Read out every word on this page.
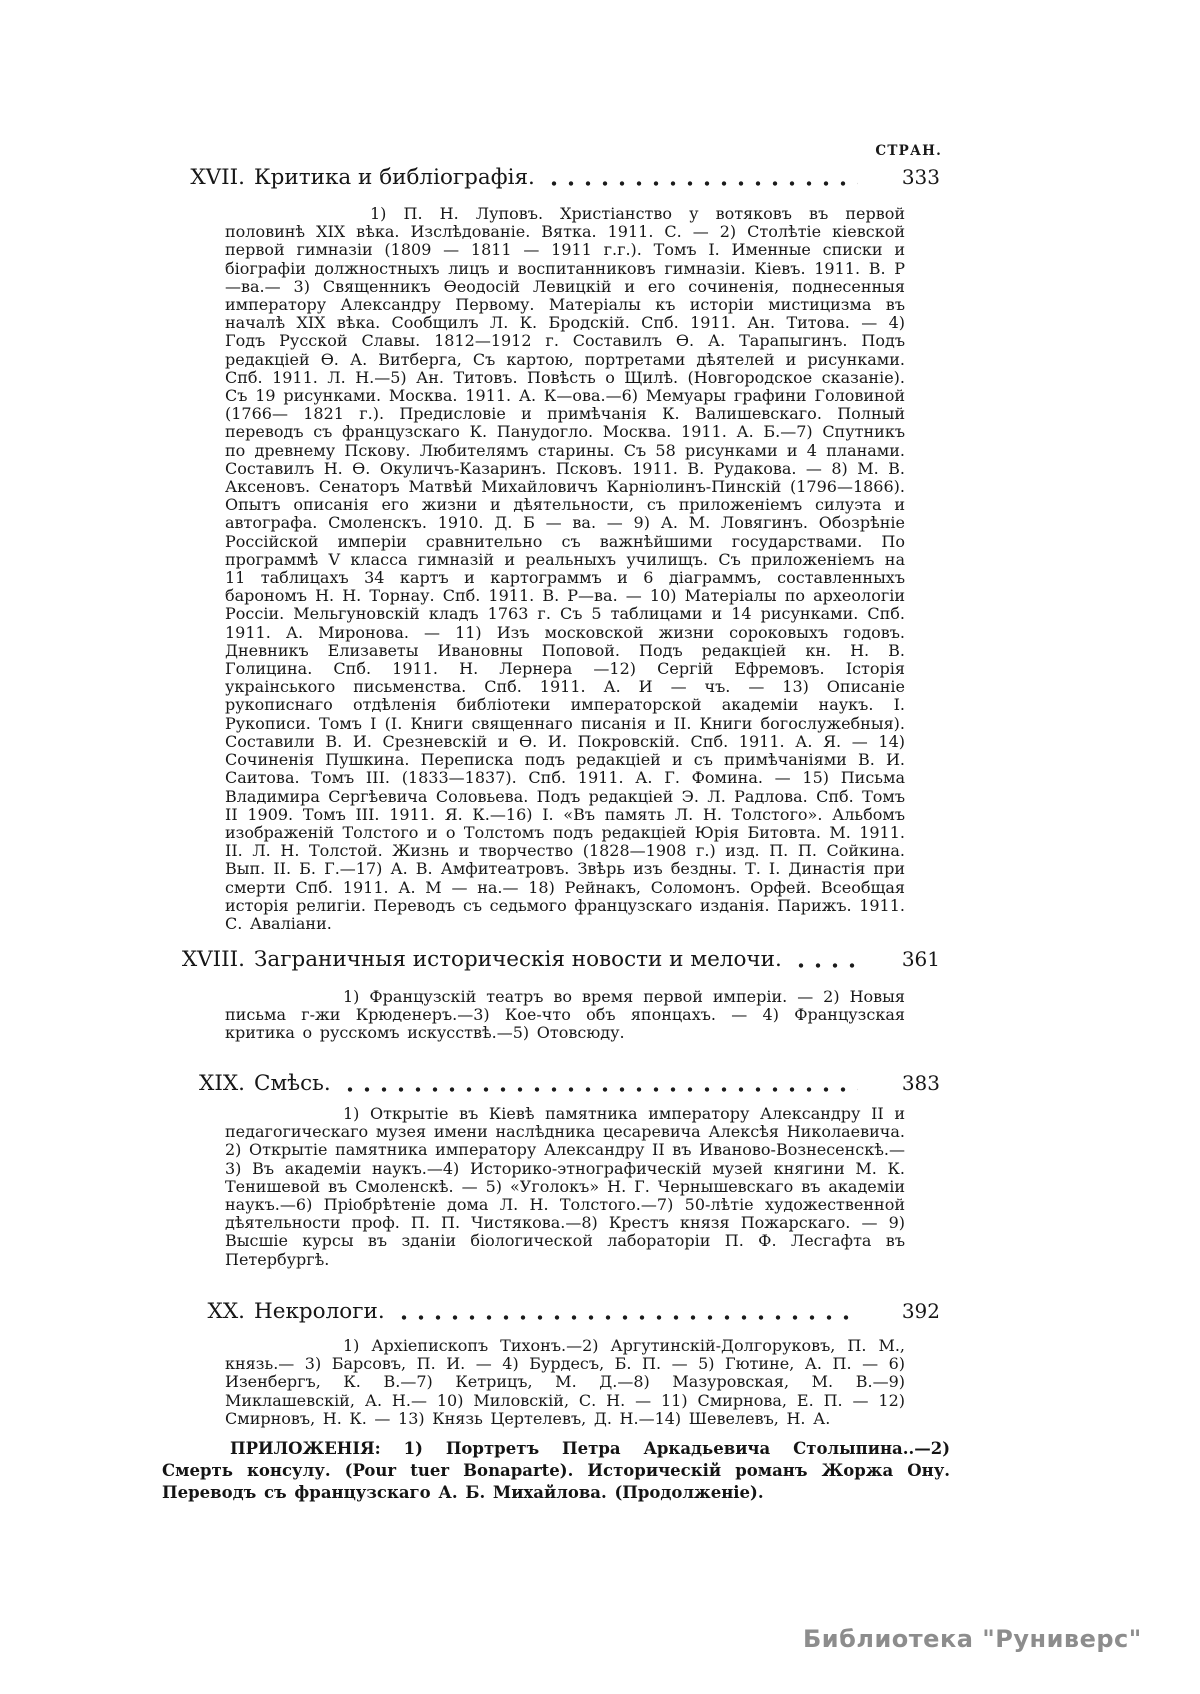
СТРАН.
XVII. Критика и библіографія.	333

1) П. Н. Луповъ. Христіанство у вотяковъ въ первой половинѣ XIX вѣка. Изслѣдованіе. Вятка. 1911. С. — 2) Столѣтіе кіевской первой гимназіи (1809 — 1811 — 1911 г.г.). Томъ I. Именные списки и біографіи должностныхъ лицъ и воспитанниковъ гимназіи. Кіевъ. 1911. В. Р—ва.— 3) Священникъ Ѳеодосій Левицкій и его сочиненія, поднесенныя императору Александру Первому. Матеріалы къ исторіи мистицизма въ началѣ XIX вѣка. Сообщилъ Л. К. Бродскій. Спб. 1911. Ан. Титова. — 4) Годъ Русской Славы. 1812—1912 г. Составилъ Ѳ. А. Тарапыгинъ. Подъ редакціей Ѳ. А. Витберга, Съ картою, портретами дѣятелей и рисунками. Спб. 1911. Л. Н.—5) Ан. Титовъ. Повѣсть о Щилѣ. (Новгородское сказаніе). Съ 19 рисунками. Москва. 1911. А. К—ова.—6) Мемуары графини Головиной (1766— 1821 г.). Предисловіе и примѣчанія К. Валишевскаго. Полный переводъ съ французскаго К. Панудогло. Москва. 1911. А. Б.—7) Спутникъ по древнему Пскову. Любителямъ старины. Съ 58 рисунками и 4 планами. Составилъ Н. Ѳ. Окуличъ-Казаринъ. Псковъ. 1911. В. Рудакова. — 8) М. В. Аксеновъ. Сенаторъ Матвѣй Михайловичъ Карніолинъ-Пинскій (1796—1866). Опытъ описанія его жизни и дѣятельности, съ приложеніемъ силуэта и автографа. Смоленскъ. 1910. Д. Б — ва. — 9) А. М. Ловягинъ. Обозрѣніе Россійской имперіи сравнительно съ важнѣйшими государствами. По программѣ V класса гимназій и реальныхъ училищъ. Съ приложеніемъ на 11 таблицахъ 34 картъ и картограммъ и 6 діаграммъ, составленныхъ барономъ Н. Н. Торнау. Спб. 1911. В. Р—ва. — 10) Матеріалы по археологіи Россіи. Мельгуновскій кладъ 1763 г. Съ 5 таблицами и 14 рисунками. Спб. 1911. А. Миронова. — 11) Изъ московской жизни сороковыхъ годовъ. Дневникъ Елизаветы Ивановны Поповой. Подъ редакціей кн. Н. В. Голицина. Спб. 1911. Н. Лернера —12) Сергій Ефремовъ. Історія украінського письменства. Спб. 1911. А. И — чъ. — 13) Описаніе рукописнаго отдѣленія библіотеки императорской академіи наукъ. I. Рукописи. Томъ I (I. Книги священнаго писанія и II. Книги богослужебныя). Составили В. И. Срезневскій и Ѳ. И. Покровскій. Спб. 1911. А. Я. — 14) Сочиненія Пушкина. Переписка подъ редакціей и съ примѣчаніями В. И. Саитова. Томъ III. (1833—1837). Спб. 1911. А. Г. Фомина. — 15) Письма Владимира Сергѣевича Соловьева. Подъ редакціей Э. Л. Радлова. Спб. Томъ II 1909. Томъ III. 1911. Я. К.—16) I. «Въ память Л. Н. Толстого». Альбомъ изображеній Толстого и о Толстомъ подъ редакціей Юрія Битовта. М. 1911. II. Л. Н. Толстой. Жизнь и творчество (1828—1908 г.) изд. П. П. Сойкина. Вып. II. Б. Г.—17) А. В. Амфитеатровъ. Звѣрь изъ бездны. Т. I. Династія при смерти Спб. 1911. А. М — на.— 18) Рейнакъ, Соломонъ. Орфей. Всеобщая исторія религіи. Переводъ съ седьмого французскаго изданія. Парижъ. 1911. С. Аваліани.

XVIII. Заграничныя историческія новости и мелочи.	361

1) Французскій театръ во время первой имперіи. — 2) Новыя письма г-жи Крюденеръ.—3) Кое-что объ японцахъ. — 4) Французская критика о русскомъ искусствѣ.—5) Отовсюду.

XIX. Смѣсь.	383

1) Открытіе въ Кіевѣ памятника императору Александру II и педагогическаго музея имени наслѣдника цесаревича Алексѣя Николаевича. 2) Открытіе памятника императору Александру II въ Иваново-Вознесенскѣ.—3) Въ академіи наукъ.—4) Историко-этнографическій музей княгини М. К. Тенишевой въ Смоленскѣ. — 5) «Уголокъ» Н. Г. Чернышевскаго въ академіи наукъ.—6) Пріобрѣтеніе дома Л. Н. Толстого.—7) 50-лѣтіе художественной дѣятельности проф. П. П. Чистякова.—8) Крестъ князя Пожарскаго. — 9) Высшіе курсы въ зданіи біологической лабораторіи П. Ф. Лесгафта въ Петербургѣ.

XX. Некрологи.	392

1) Архіепископъ Тихонъ.—2) Аргутинскій-Долгоруковъ, П. М., князь.— 3) Барсовъ, П. И. — 4) Бурдесъ, Б. П. — 5) Гютине, А. П. — 6) Изенбергъ, К. В.—7) Кетрицъ, М. Д.—8) Мазуровская, М. В.—9) Миклашевскій, А. Н.— 10) Миловскій, С. Н. — 11) Смирнова, Е. П. — 12) Смирновъ, Н. К. — 13) Князь Цертелевъ, Д. Н.—14) Шевелевъ, Н. А.

ПРИЛОЖЕНІЯ: 1) Портретъ Петра Аркадьевича Столыпина..—2) Смерть консулу. (Pour tuer Bonaparte). Историческій романъ Жоржа Ону. Переводъ съ французскаго А. Б. Михайлова. (Продолженіе).

Библиотека "Руниверс"
